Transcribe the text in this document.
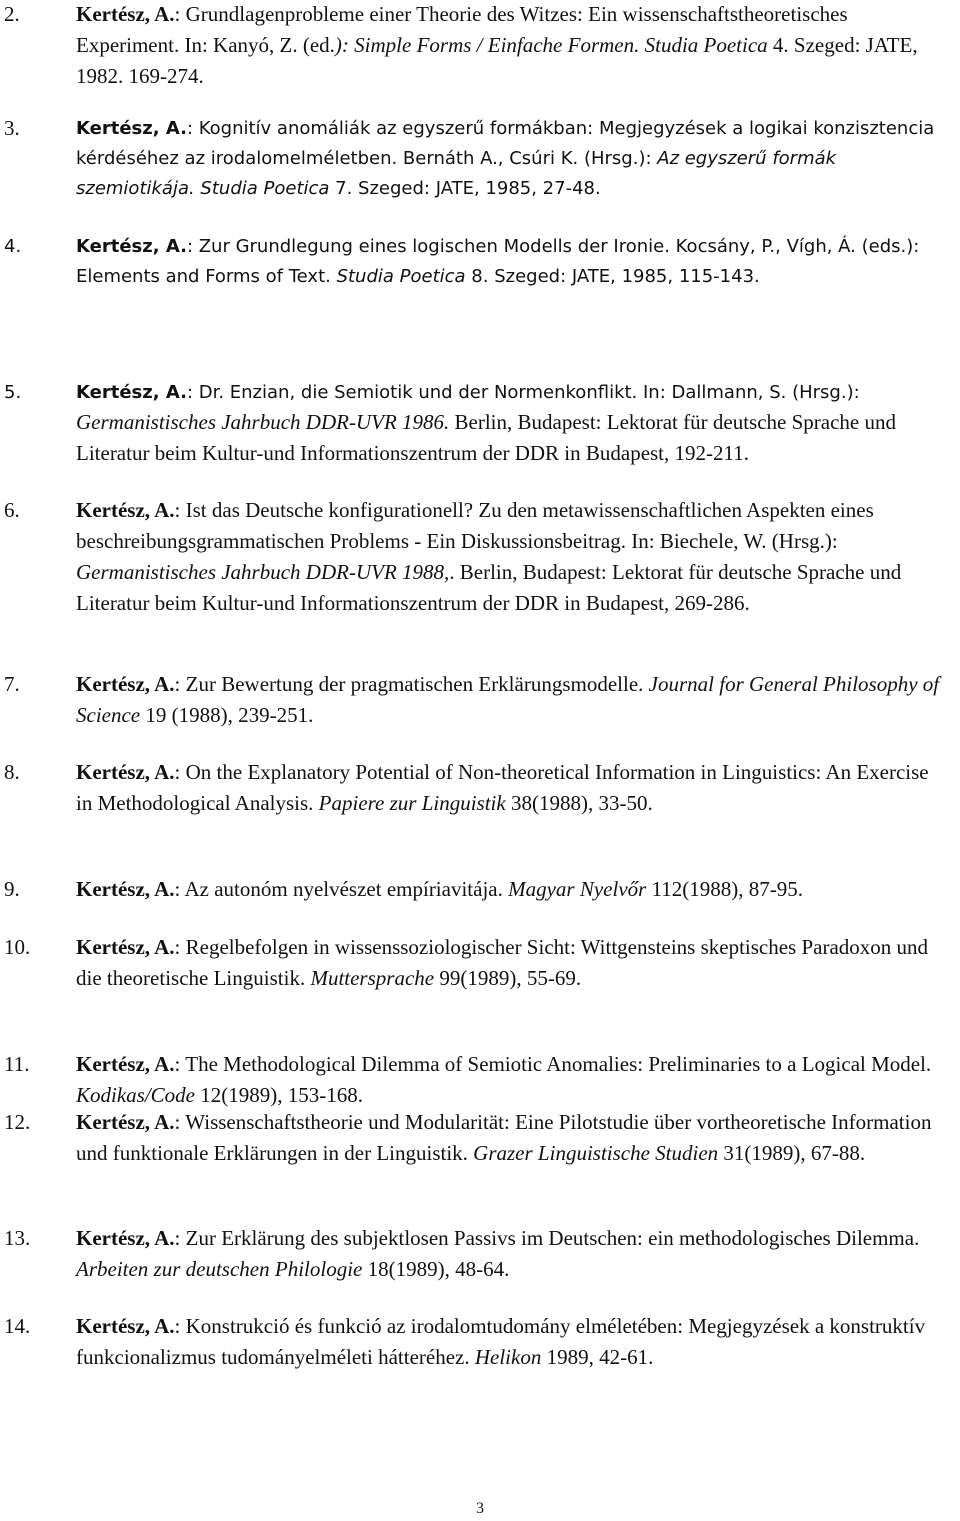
2.	Kertész, A.: Grundlagenprobleme einer Theorie des Witzes: Ein wissenschaftstheoretisches Experiment. In: Kanyó, Z. (ed.): Simple Forms / Einfache Formen. Studia Poetica 4. Szeged: JATE, 1982. 169-274.
3.	Kertész, A.: Kognitív anomáliák az egyszerű formákban: Megjegyzések a logikai konzisztencia kérdéséhez az irodalomelméletben. Bernáth A., Csúri K. (Hrsg.): Az egyszerű formák szemiotikája. Studia Poetica 7. Szeged: JATE, 1985, 27-48.
4.	Kertész, A.: Zur Grundlegung eines logischen Modells der Ironie. Kocsány, P., Vígh, Á. (eds.): Elements and Forms of Text. Studia Poetica 8. Szeged: JATE, 1985, 115-143.
5.	Kertész, A.: Dr. Enzian, die Semiotik und der Normenkonflikt. In: Dallmann, S. (Hrsg.): Germanistisches Jahrbuch DDR-UVR 1986. Berlin, Budapest: Lektorat für deutsche Sprache und Literatur beim Kultur-und Informationszentrum der DDR in Budapest, 192-211.
6.	Kertész, A.: Ist das Deutsche konfigurationell? Zu den metawissenschaftlichen Aspekten eines beschreibungsgrammatischen Problems - Ein Diskussionsbeitrag. In: Biechele, W. (Hrsg.): Germanistisches Jahrbuch DDR-UVR 1988,. Berlin, Budapest: Lektorat für deutsche Sprache und Literatur beim Kultur-und Informationszentrum der DDR in Budapest, 269-286.
7.	Kertész, A.: Zur Bewertung der pragmatischen Erklärungsmodelle. Journal for General Philosophy of Science 19 (1988), 239-251.
8.	Kertész, A.: On the Explanatory Potential of Non-theoretical Information in Linguistics: An Exercise in Methodological Analysis. Papiere zur Linguistik 38(1988), 33-50.
9.	Kertész, A.: Az autonóm nyelvészet empíriavitája. Magyar Nyelvőr 112(1988), 87-95.
10. Kertész, A.: Regelbefolgen in wissenssoziologischer Sicht: Wittgensteins skeptisches Paradoxon und die theoretische Linguistik. Muttersprache 99(1989), 55-69.
11. Kertész, A.: The Methodological Dilemma of Semiotic Anomalies: Preliminaries to a Logical Model. Kodikas/Code 12(1989), 153-168.
12. Kertész, A.: Wissenschaftstheorie und Modularität: Eine Pilotstudie über vortheoretische Information und funktionale Erklärungen in der Linguistik. Grazer Linguistische Studien 31(1989), 67-88.
13. Kertész, A.: Zur Erklärung des subjektlosen Passivs im Deutschen: ein methodologisches Dilemma. Arbeiten zur deutschen Philologie 18(1989), 48-64.
14. Kertész, A.: Konstrukció és funkció az irodalomtudomány elméletében: Megjegyzések a konstruktív funkcionalizmus tudományelméleti hátteréhez. Helikon 1989, 42-61.
3
